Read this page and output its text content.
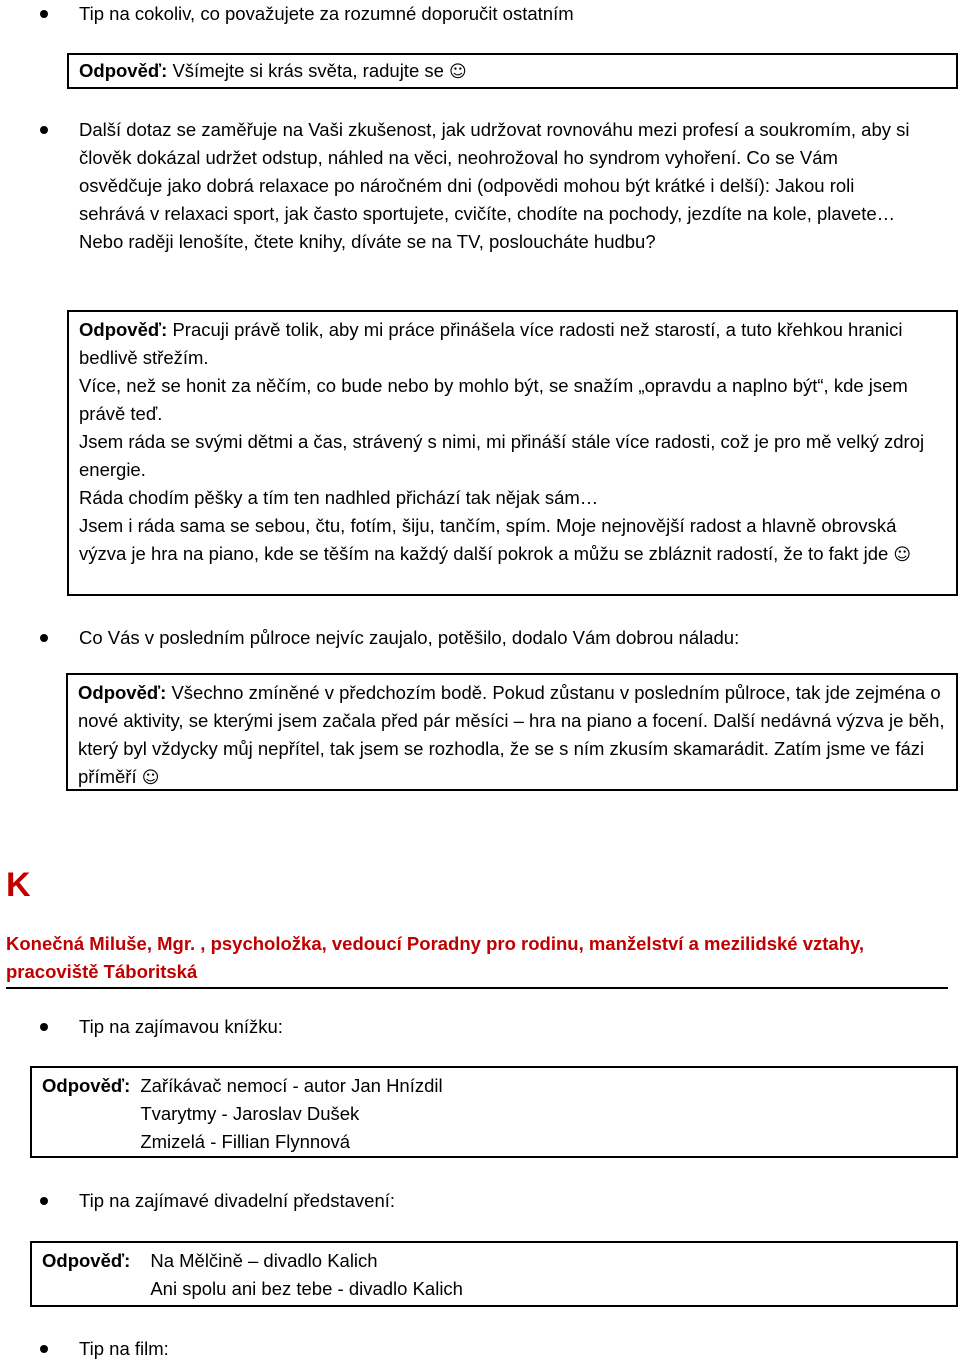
Tip na cokoliv, co považujete za rozumné doporučit ostatním
Odpověď: Všímejte si krás světa, radujte se ☺
Další dotaz se zaměřuje na Vaši zkušenost, jak udržovat rovnováhu mezi profesí a soukromím, aby si člověk dokázal udržet odstup, náhled na věci, neohrožoval ho syndrom vyhoření. Co se Vám osvědčuje jako dobrá relaxace po náročném dni (odpovědi mohou být krátké i delší): Jakou roli sehrává v relaxaci sport, jak často sportujete, cvičíte, chodíte na pochody, jezdíte na kole, plavete… Nebo raději lenošíte, čtete knihy, díváte se na TV, posloucháte hudbu?

Odpověď: Pracuji právě tolik, aby mi práce přinášela více radosti než starostí, a tuto křehkou hranici bedlivě střežím.

Více, než se honit za něčím, co bude nebo by mohlo být, se snažím „opravdu a naplno být“, kde jsem právě teď.

Jsem ráda se svými dětmi a čas, strávený s nimi, mi přináší stále více radosti, což je pro mě velký zdroj energie.

Ráda chodím pěšky a tím ten nadhled přichází tak nějak sám…

Jsem i ráda sama se sebou, čtu, fotím, šiju, tančím, spím. Moje nejnovější radost a hlavně obrovská výzva je hra na piano, kde se těším na každý další pokrok a můžu se zbláznit radostí, že to fakt jde ☺

Co Vás v posledním půlroce nejvíc zaujalo, potěšilo, dodalo Vám dobrou náladu:
Odpověď: Všechno zmíněné v předchozím bodě. Pokud zůstanu v posledním půlroce, tak jde zejména o nové aktivity, se kterými jsem začala před pár měsíci – hra na piano a focení. Další nedávná výzva je běh, který byl vždycky můj nepřítel, tak jsem se rozhodla, že se s ním zkusím skamarádit. Zatím jsme ve fázi příměří ☺
K
Konečná Miluše, Mgr. , psycholožka, vedoucí Poradny pro rodinu, manželství a mezilidské vztahy, pracoviště Táboritská
Tip na zajímavou knížku:
Odpověď: Zaříkávač nemocí - autor Jan Hnízdil
Tvarytmy - Jaroslav Dušek
Zmizelá - Fillian Flynnová
Tip na zajímavé divadelní představení:
Odpověď: Na Mělčině – divadlo Kalich
Ani spolu ani bez tebe - divadlo Kalich
Tip na film:
